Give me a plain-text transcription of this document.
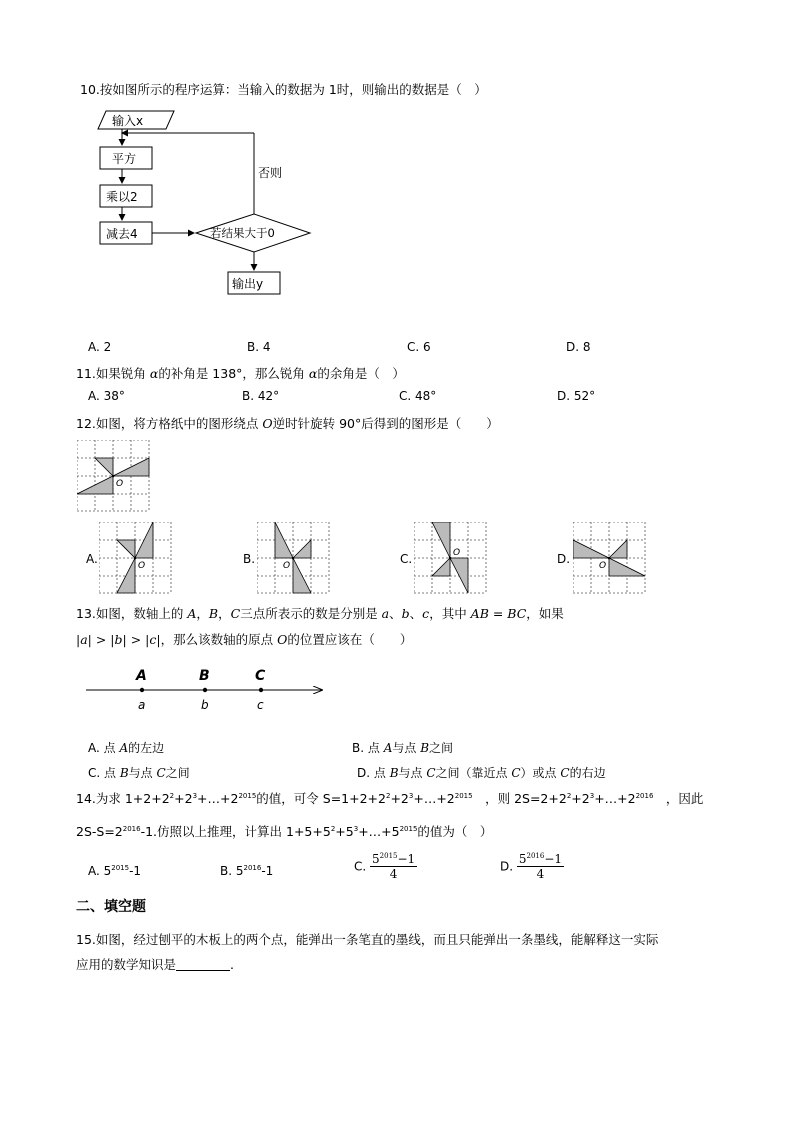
10.按如图所示的程序运算：当输入的数据为 1时，则输出的数据是（　）
输入x
平方
乘以2
减去4	若结果大于0
否则
输出y
A. 2	B. 4	C. 6	D. 8
11.如果锐角 α的补角是 138°，那么锐角 α的余角是（　）
A. 38°	B. 42°	C. 48°	D. 52°
12.如图，将方格纸中的图形绕点 O逆时针旋转 90°后得到的图形是（　　）
O
A.	O	B.	O	C.	O	D.	O
13.如图，数轴上的 A，B，C三点所表示的数是分别是 a、b、c，其中 AB = BC，如果
|a| > |b| > |c|，那么该数轴的原点 O的位置应该在（　　）
A	B	C
a	b	c
A. 点 A的左边	B. 点 A与点 B之间
C. 点 B与点 C之间	D. 点 B与点 C之间（靠近点 C）或点 C的右边
14.为求 $1+2+2^2+2^3+\dots+2^{2015}$的值，可令 $S=1+2+2^2+2^3+\dots+2^{2015}$　，则 $2S=2+2^2+2^3+\dots+2^{2016}$　，因此
$2S-S=2^{2016}-1$.仿照以上推理，计算出 $1+5+5^2+5^3+\dots+5^{2015}$的值为（　）
A. $5^{2015}-1$	B. $5^{2016}-1$	C. $\frac{5^{2015}-1}{4}$	D. $\frac{5^{2016}-1}{4}$
二、填空题
15.如图，经过刨平的木板上的两个点，能弹出一条笔直的墨线，而且只能弹出一条墨线，能解释这一实际
应用的数学知识是	.
